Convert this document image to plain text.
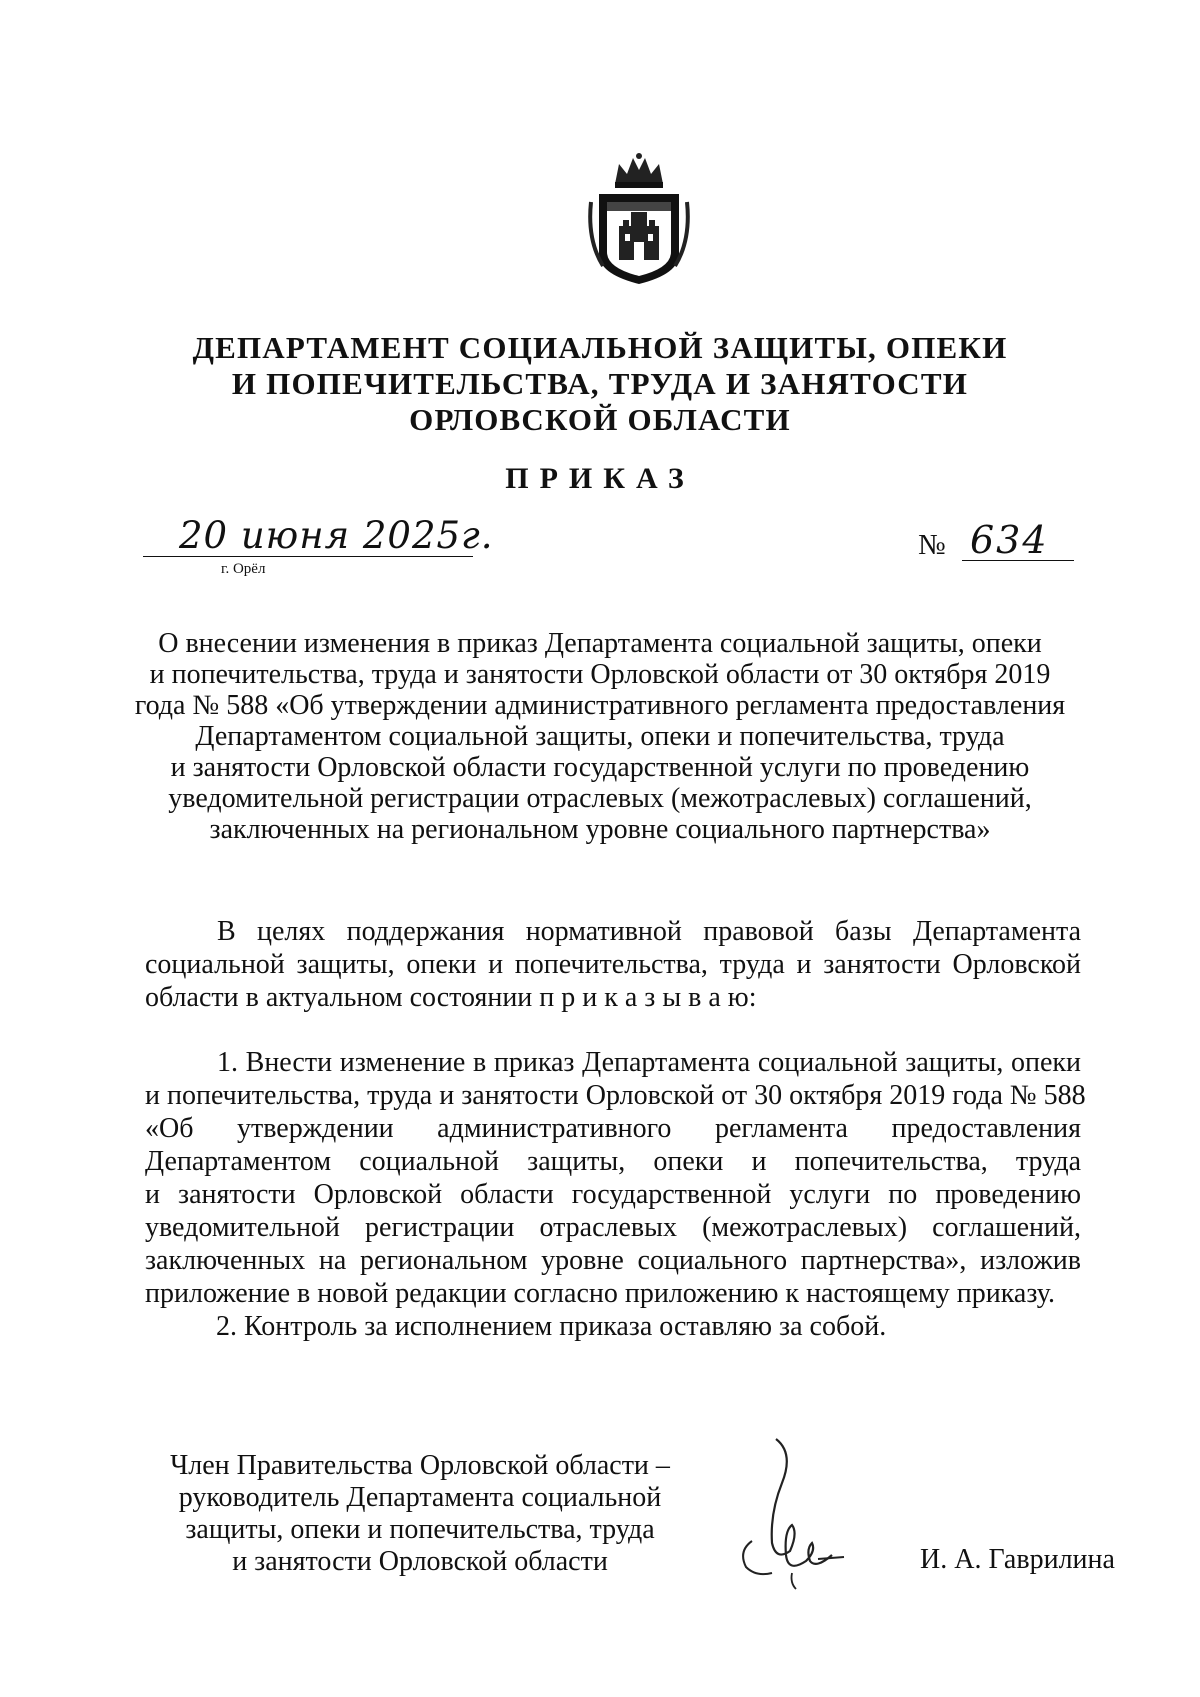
ДЕПАРТАМЕНТ СОЦИАЛЬНОЙ ЗАЩИТЫ, ОПЕКИ
И ПОПЕЧИТЕЛЬСТВА, ТРУДА И ЗАНЯТОСТИ
ОРЛОВСКОЙ ОБЛАСТИ
ПРИКАЗ
20 июня 2025г.
г. Орёл
№ 634
О внесении изменения в приказ Департамента социальной защиты, опеки
и попечительства, труда и занятости Орловской области от 30 октября 2019
года № 588 «Об утверждении административного регламента предоставления
Департаментом социальной защиты, опеки и попечительства, труда
и занятости Орловской области государственной услуги по проведению
уведомительной регистрации отраслевых (межотраслевых) соглашений,
заключенных на региональном уровне социального партнерства»
В целях поддержания нормативной правовой базы Департамента
социальной защиты, опеки и попечительства, труда и занятости Орловской
области в актуальном состоянии п р и к а з ы в а ю:
1. Внести изменение в приказ Департамента социальной защиты, опеки
и попечительства, труда и занятости Орловской от 30 октября 2019 года № 588
«Об утверждении административного регламента предоставления
Департаментом социальной защиты, опеки и попечительства, труда
и занятости Орловской области государственной услуги по проведению
уведомительной регистрации отраслевых (межотраслевых) соглашений,
заключенных на региональном уровне социального партнерства», изложив
приложение в новой редакции согласно приложению к настоящему приказу.
2. Контроль за исполнением приказа оставляю за собой.
Член Правительства Орловской области –
руководитель Департамента социальной
защиты, опеки и попечительства, труда
и занятости Орловской области	И. А. Гаврилина
